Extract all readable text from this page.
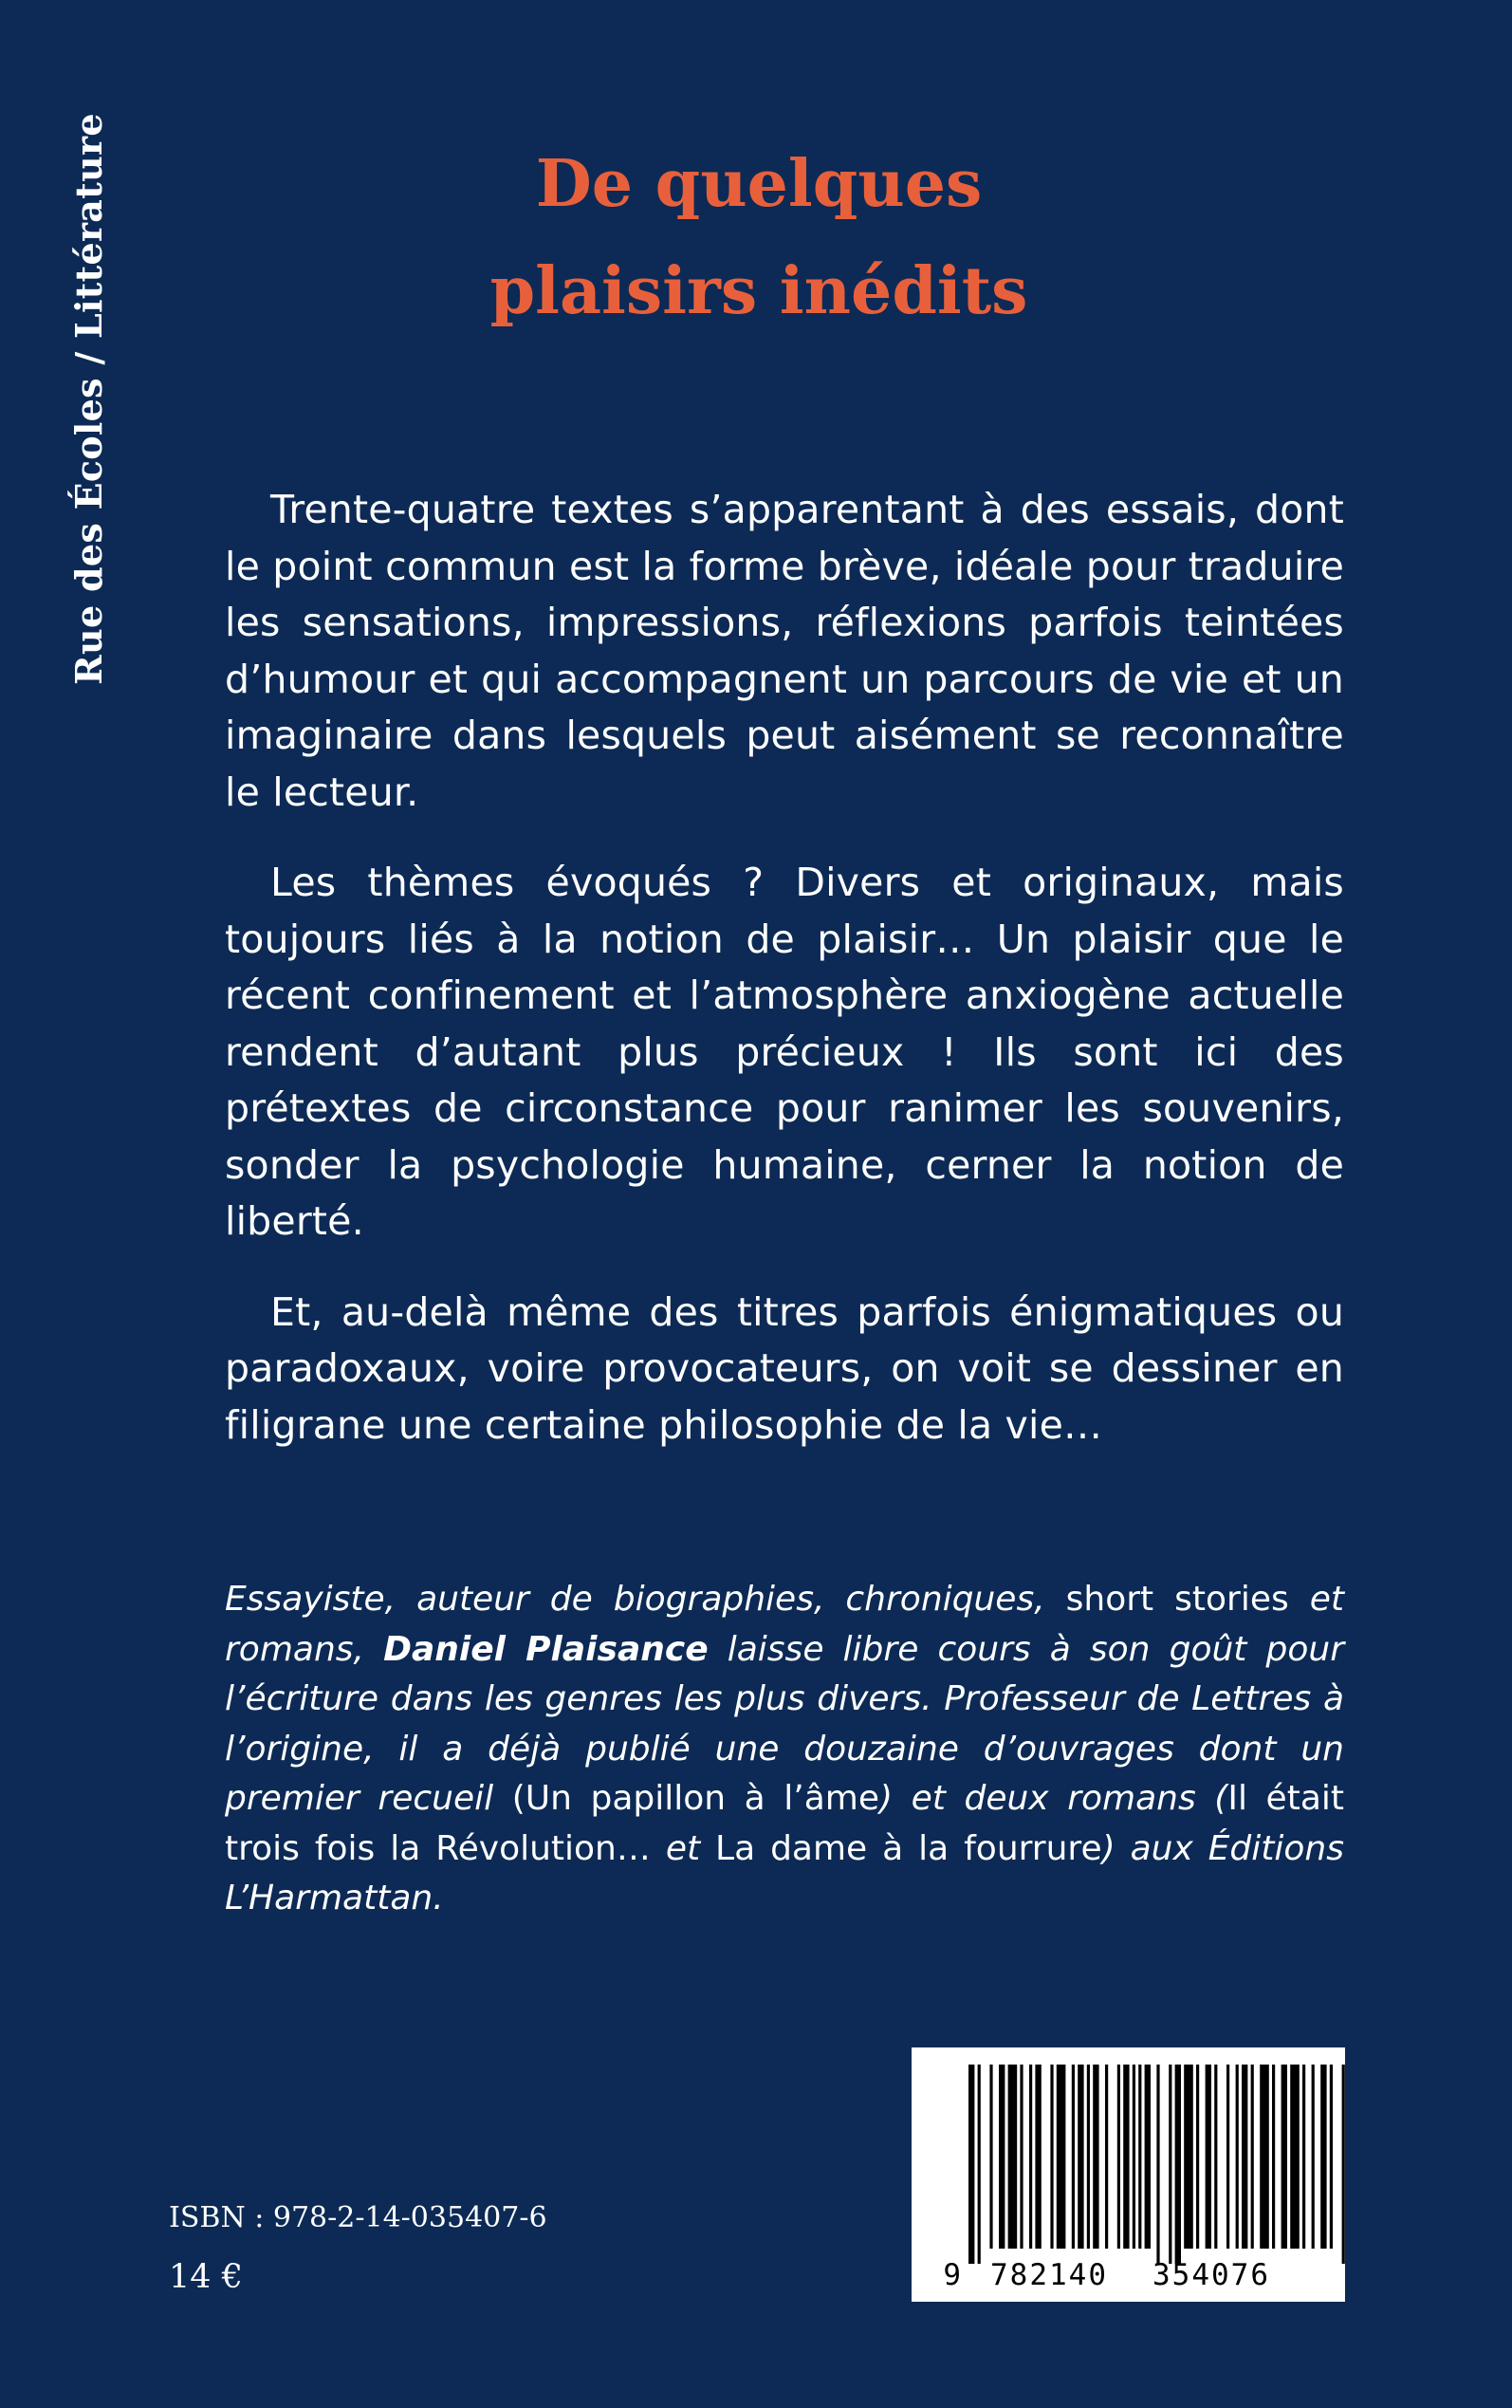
Rue des Écoles / Littérature	De quelques
plaisirs inédits

Trente-quatre textes s’apparentant à des essais, dont le point commun est la forme brève, idéale pour traduire les sensations, impressions, réflexions parfois teintées d’humour et qui accompagnent un parcours de vie et un imaginaire dans lesquels peut aisément se reconnaître le lecteur.

Les thèmes évoqués ? Divers et originaux, mais toujours liés à la notion de plaisir… Un plaisir que le récent confinement et l’atmosphère anxiogène actuelle rendent d’autant plus précieux ! Ils sont ici des prétextes de circonstance pour ranimer les souvenirs, sonder la psychologie humaine, cerner la notion de liberté.

Et, au-delà même des titres parfois énigmatiques ou paradoxaux, voire provocateurs, on voit se dessiner en filigrane une certaine philosophie de la vie…

Essayiste, auteur de biographies, chroniques, short stories et romans, Daniel Plaisance laisse libre cours à son goût pour l’écriture dans les genres les plus divers. Professeur de Lettres à l’origine, il a déjà publié une douzaine d’ouvrages dont un premier recueil (Un papillon à l’âme) et deux romans (Il était trois fois la Révolution… et La dame à la fourrure) aux Éditions L’Harmattan.

ISBN : 978-2-14-035407-6
14 €	9 782140 354076
